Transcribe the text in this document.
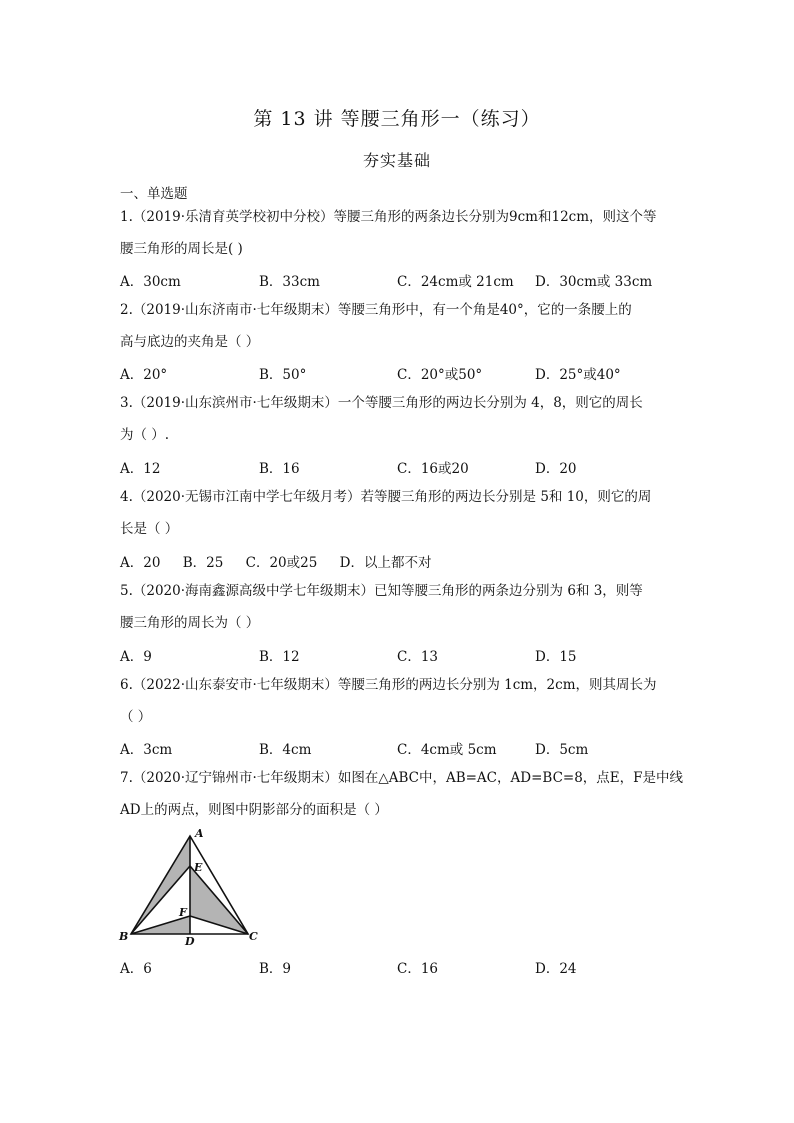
第 13 讲 等腰三角形一（练习）
夯实基础
一、单选题
1.（2019·乐清育英学校初中分校）等腰三角形的两条边长分别为9cm和12cm，则这个等
腰三角形的周长是( )
A．30cm	B．33cm	C．24cm或 21cm D．30cm或 33cm
2.（2019·山东济南市·七年级期末）等腰三角形中，有一个角是40°，它的一条腰上的
高与底边的夹角是（ ）
A．20°	B．50°	C．20°或50°	D．25°或40°
3.（2019·山东滨州市·七年级期末）一个等腰三角形的两边长分别为 4，8，则它的周长
为（ ）.
A．12	B．16	C．16或20	D．20
4.（2020·无锡市江南中学七年级月考）若等腰三角形的两边长分别是 5和 10，则它的周
长是（ ）
A．20 B．25 C．20或25 D．以上都不对
5.（2020·海南鑫源高级中学七年级期末）已知等腰三角形的两条边分别为 6和 3，则等
腰三角形的周长为（ ）
A．9	B．12	C．13	D．15
6.（2022·山东泰安市·七年级期末）等腰三角形的两边长分别为 1cm，2cm，则其周长为
（ ）
A．3cm	B．4cm	C．4cm或 5cm	D．5cm
7.（2020·辽宁锦州市·七年级期末）如图在△ABC中，AB=AC，AD=BC=8，点E，F是中线
AD上的两点，则图中阴影部分的面积是（ ）
A
E
F
B	D	C
A．6	B．9	C．16	D．24
